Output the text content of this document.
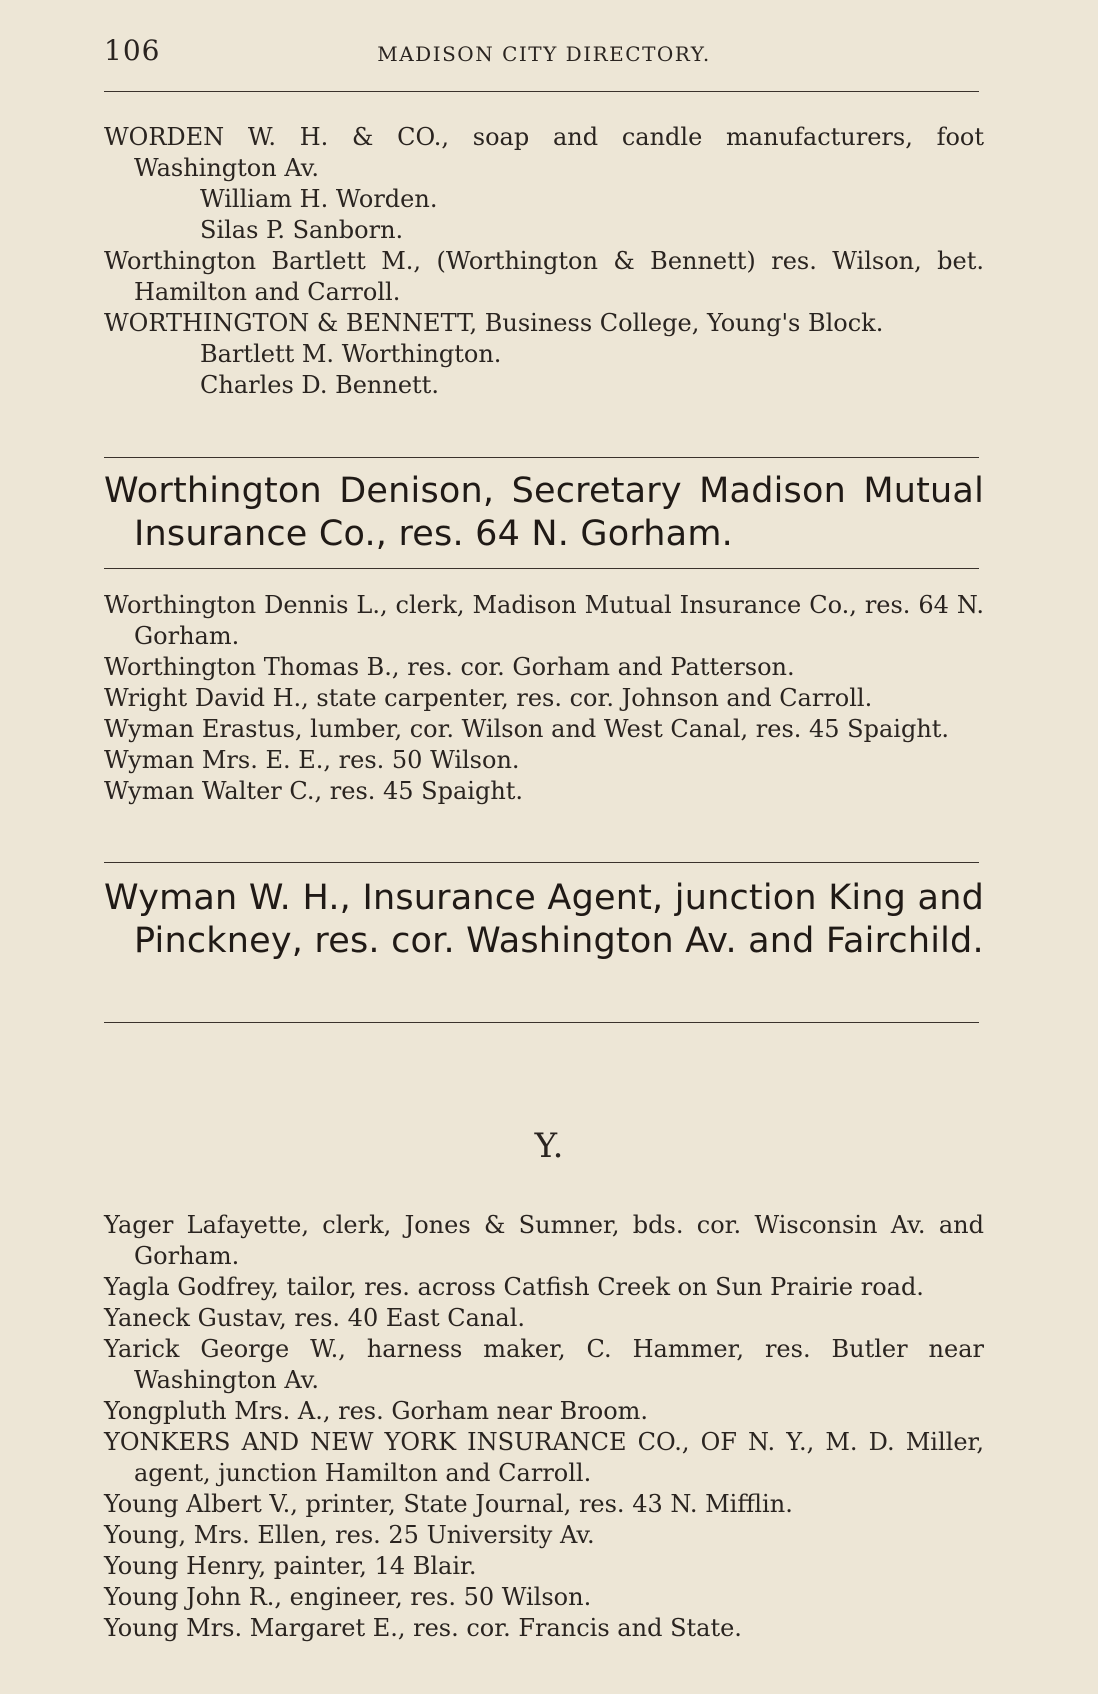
106	MADISON CITY DIRECTORY.
WORDEN W. H. & CO., soap and candle manufacturers, foot Washington Av.
William H. Worden.
Silas P. Sanborn.
Worthington Bartlett M., (Worthington & Bennett) res. Wilson, bet. Hamilton and Carroll.
WORTHINGTON & BENNETT, Business College, Young's Block.
Bartlett M. Worthington.
Charles D. Bennett.
Worthington Denison, Secretary Madison Mutual Insurance Co., res. 64 N. Gorham.
Worthington Dennis L., clerk, Madison Mutual Insurance Co., res. 64 N. Gorham.
Worthington Thomas B., res. cor. Gorham and Patterson.
Wright David H., state carpenter, res. cor. Johnson and Carroll.
Wyman Erastus, lumber, cor. Wilson and West Canal, res. 45 Spaight.
Wyman Mrs. E. E., res. 50 Wilson.
Wyman Walter C., res. 45 Spaight.
Wyman W. H., Insurance Agent, junction King and Pinckney, res. cor. Washington Av. and Fairchild.
Y.
Yager Lafayette, clerk, Jones & Sumner, bds. cor. Wisconsin Av. and Gorham.
Yagla Godfrey, tailor, res. across Catfish Creek on Sun Prairie road.
Yaneck Gustav, res. 40 East Canal.
Yarick George W., harness maker, C. Hammer, res. Butler near Washington Av.
Yongpluth Mrs. A., res. Gorham near Broom.
YONKERS AND NEW YORK INSURANCE CO., OF N. Y., M. D. Miller, agent, junction Hamilton and Carroll.
Young Albert V., printer, State Journal, res. 43 N. Mifflin.
Young, Mrs. Ellen, res. 25 University Av.
Young Henry, painter, 14 Blair.
Young John R., engineer, res. 50 Wilson.
Young Mrs. Margaret E., res. cor. Francis and State.
